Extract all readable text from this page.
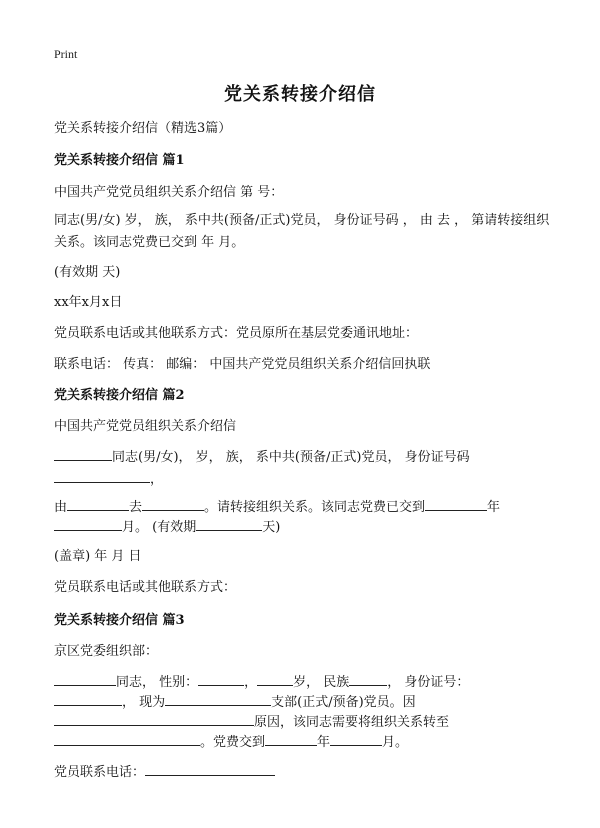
Print
党关系转接介绍信
党关系转接介绍信（精选3篇）
党关系转接介绍信 篇1
中国共产党党员组织关系介绍信 第 号：
同志(男/女) 岁， 族， 系中共(预备/正式)党员， 身份证号码 ， 由 去 ， 第请转接组织关系。该同志党费已交到 年 月。
(有效期 天)
xx年x月x日
党员联系电话或其他联系方式：党员原所在基层党委通讯地址：
联系电话： 传真： 邮编： 中国共产党党员组织关系介绍信回执联
党关系转接介绍信 篇2
中国共产党党员组织关系介绍信
同志(男/女)， 岁， 族， 系中共(预备/正式)党员， 身份证号码
，
由	去	。请转接组织关系。该同志党费已交到	年
月。 (有效期	天)
(盖章) 年 月 日
党员联系电话或其他联系方式：
党关系转接介绍信 篇3
京区党委组织部：
同志， 性别：	，	岁， 民族	， 身份证号：
， 现为	支部(正式/预备)党员。因
原因，该同志需要将组织关系转至
。党费交到	年	月。
党员联系电话：
